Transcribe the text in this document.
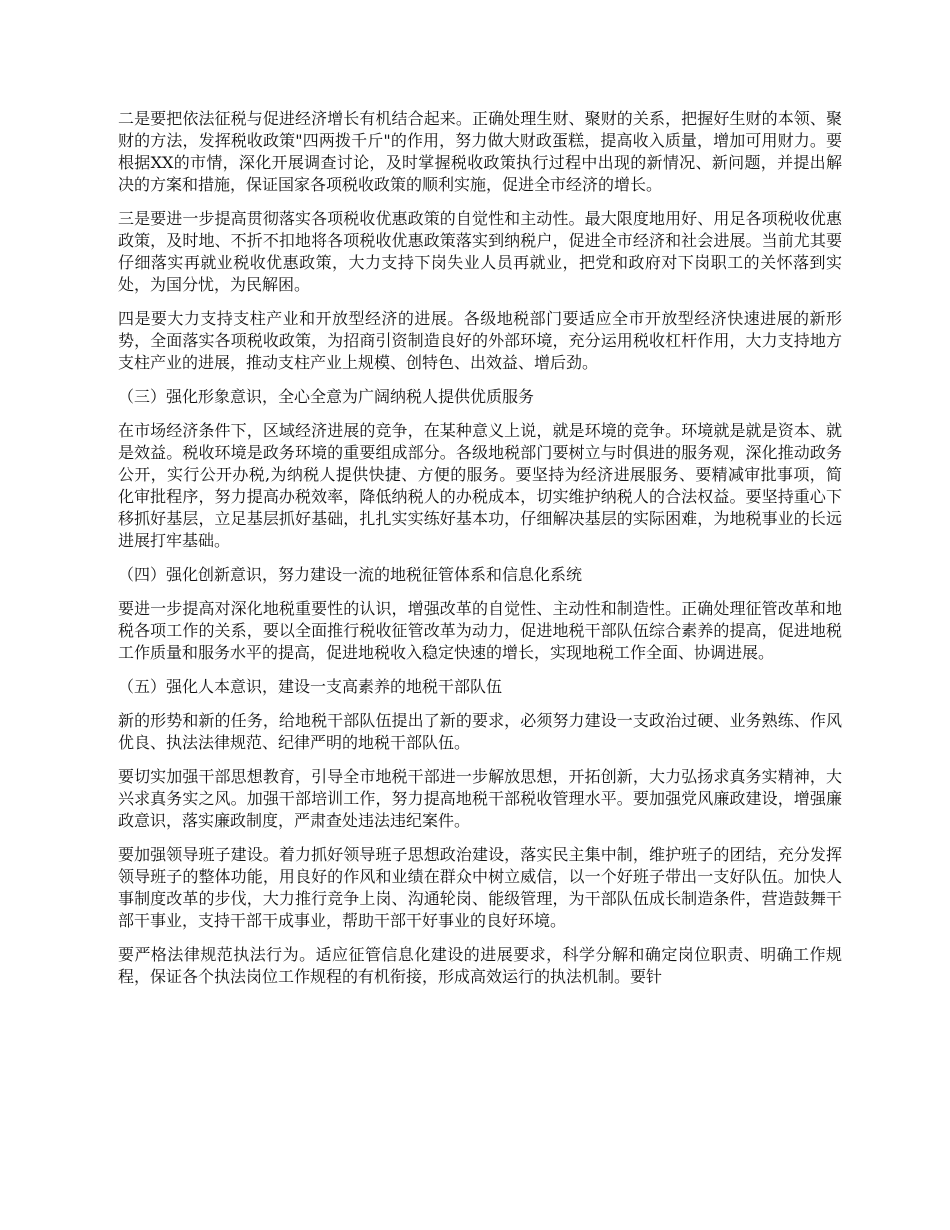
二是要把依法征税与促进经济增长有机结合起来。正确处理生财、聚财的关系，把握好生财的本领、聚财的方法，发挥税收政策"四两拨千斤"的作用，努力做大财政蛋糕，提高收入质量，增加可用财力。要根据XX的市情，深化开展调查讨论，及时掌握税收政策执行过程中出现的新情况、新问题，并提出解决的方案和措施，保证国家各项税收政策的顺利实施，促进全市经济的增长。

三是要进一步提高贯彻落实各项税收优惠政策的自觉性和主动性。最大限度地用好、用足各项税收优惠政策，及时地、不折不扣地将各项税收优惠政策落实到纳税户，促进全市经济和社会进展。当前尤其要仔细落实再就业税收优惠政策，大力支持下岗失业人员再就业，把党和政府对下岗职工的关怀落到实处，为国分忧，为民解困。

四是要大力支持支柱产业和开放型经济的进展。各级地税部门要适应全市开放型经济快速进展的新形势，全面落实各项税收政策，为招商引资制造良好的外部环境，充分运用税收杠杆作用，大力支持地方支柱产业的进展，推动支柱产业上规模、创特色、出效益、增后劲。

（三）强化形象意识，全心全意为广阔纳税人提供优质服务

在市场经济条件下，区域经济进展的竞争，在某种意义上说，就是环境的竞争。环境就是就是资本、就是效益。税收环境是政务环境的重要组成部分。各级地税部门要树立与时俱进的服务观，深化推动政务公开，实行公开办税,为纳税人提供快捷、方便的服务。要坚持为经济进展服务、要精减审批事项，简化审批程序，努力提高办税效率，降低纳税人的办税成本，切实维护纳税人的合法权益。要坚持重心下移抓好基层，立足基层抓好基础，扎扎实实练好基本功，仔细解决基层的实际困难，为地税事业的长远进展打牢基础。

（四）强化创新意识，努力建设一流的地税征管体系和信息化系统

要进一步提高对深化地税重要性的认识，增强改革的自觉性、主动性和制造性。正确处理征管改革和地税各项工作的关系，要以全面推行税收征管改革为动力，促进地税干部队伍综合素养的提高，促进地税工作质量和服务水平的提高，促进地税收入稳定快速的增长，实现地税工作全面、协调进展。

（五）强化人本意识，建设一支高素养的地税干部队伍

新的形势和新的任务，给地税干部队伍提出了新的要求，必须努力建设一支政治过硬、业务熟练、作风优良、执法法律规范、纪律严明的地税干部队伍。

要切实加强干部思想教育，引导全市地税干部进一步解放思想，开拓创新，大力弘扬求真务实精神，大兴求真务实之风。加强干部培训工作，努力提高地税干部税收管理水平。要加强党风廉政建设，增强廉政意识，落实廉政制度，严肃查处违法违纪案件。

要加强领导班子建设。着力抓好领导班子思想政治建设，落实民主集中制，维护班子的团结，充分发挥领导班子的整体功能，用良好的作风和业绩在群众中树立威信，以一个好班子带出一支好队伍。加快人事制度改革的步伐，大力推行竞争上岗、沟通轮岗、能级管理，为干部队伍成长制造条件，营造鼓舞干部干事业，支持干部干成事业，帮助干部干好事业的良好环境。

要严格法律规范执法行为。适应征管信息化建设的进展要求，科学分解和确定岗位职责、明确工作规程，保证各个执法岗位工作规程的有机衔接，形成高效运行的执法机制。要针
